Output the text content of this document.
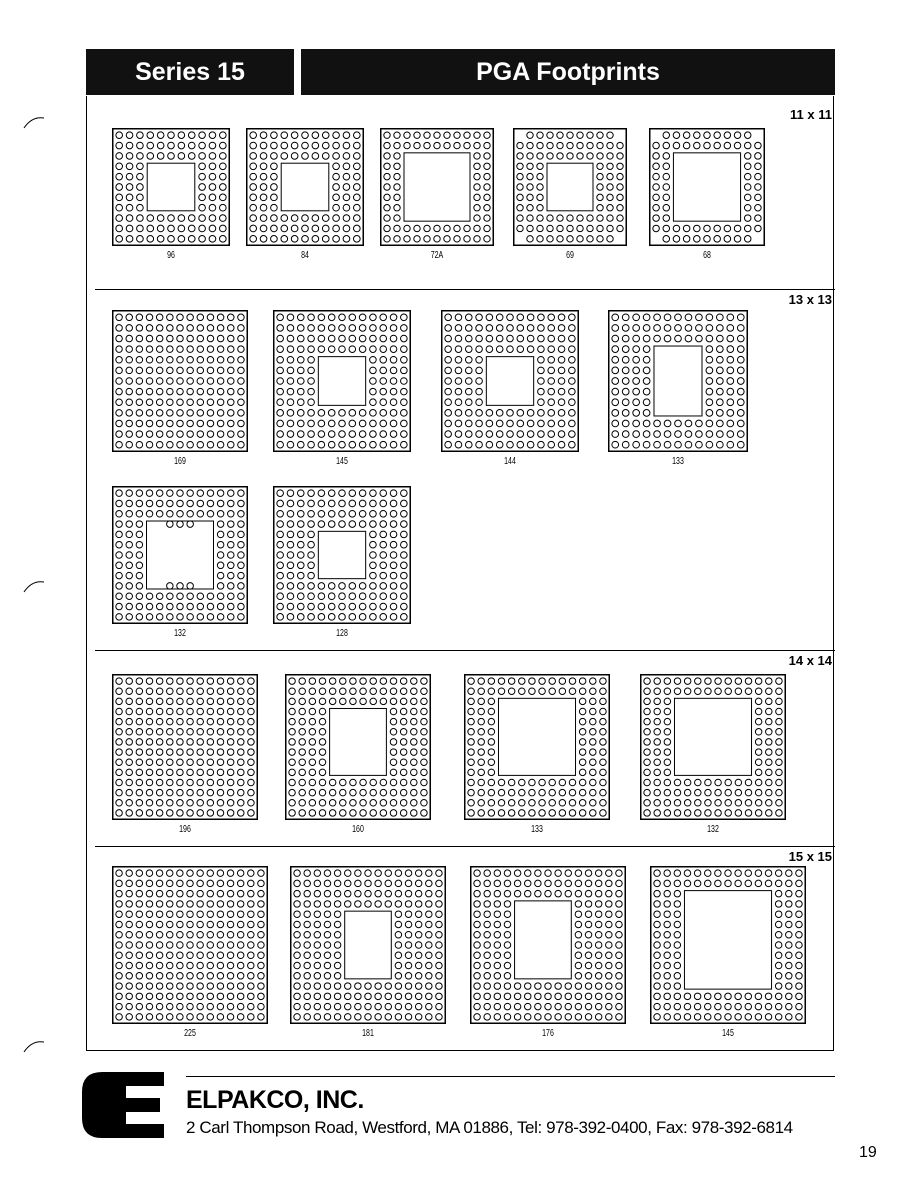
Series 15	PGA Footprints
11 x 11
13 x 13
14 x 14
15 x 15
96	84	72A	69	68
169	145	144	133
132	128
196	160	133	132
225	181	176	145
ELPAKCO, INC.
2 Carl Thompson Road, Westford, MA 01886, Tel: 978-392-0400, Fax: 978-392-6814
19
